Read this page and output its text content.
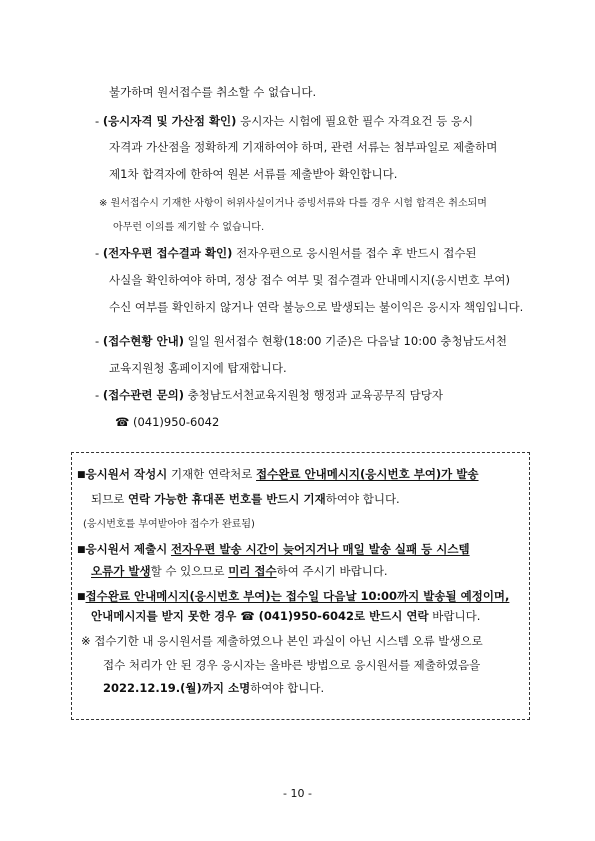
불가하며 원서접수를 취소할 수 없습니다.
- (응시자격 및 가산점 확인) 응시자는 시험에 필요한 필수 자격요건 등 응시
자격과 가산점을 정확하게 기재하여야 하며, 관련 서류는 첨부파일로 제출하며
제1차 합격자에 한하여 원본 서류를 제출받아 확인합니다.
※ 원서접수시 기재한 사항이 허위사실이거나 증빙서류와 다를 경우 시험 합격은 취소되며
아무런 이의를 제기할 수 없습니다.
- (전자우편 접수결과 확인) 전자우편으로 응시원서를 접수 후 반드시 접수된
사실을 확인하여야 하며, 정상 접수 여부 및 접수결과 안내메시지(응시번호 부여)
수신 여부를 확인하지 않거나 연락 불능으로 발생되는 불이익은 응시자 책임입니다.
- (접수현황 안내) 일일 원서접수 현황(18:00 기준)은 다음날 10:00 충청남도서천
교육지원청 홈페이지에 탑재합니다.
- (접수관련 문의) 충청남도서천교육지원청 행정과 교육공무직 담당자
☎ (041)950-6042
■응시원서 작성시 기재한 연락처로 접수완료 안내메시지(응시번호 부여)가 발송
되므로 연락 가능한 휴대폰 번호를 반드시 기재하여야 합니다.
(응시번호를 부여받아야 접수가 완료됨)
■응시원서 제출시 전자우편 발송 시간이 늦어지거나 매일 발송 실패 등 시스템
오류가 발생할 수 있으므로 미리 접수하여 주시기 바랍니다.
■접수완료 안내메시지(응시번호 부여)는 접수일 다음날 10:00까지 발송될 예정이며,
안내메시지를 받지 못한 경우 ☎ (041)950-6042로 반드시 연락 바랍니다.
※ 접수기한 내 응시원서를 제출하였으나 본인 과실이 아닌 시스템 오류 발생으로
접수 처리가 안 된 경우 응시자는 올바른 방법으로 응시원서를 제출하였음을
2022.12.19.(월)까지 소명하여야 합니다.
- 10 -
